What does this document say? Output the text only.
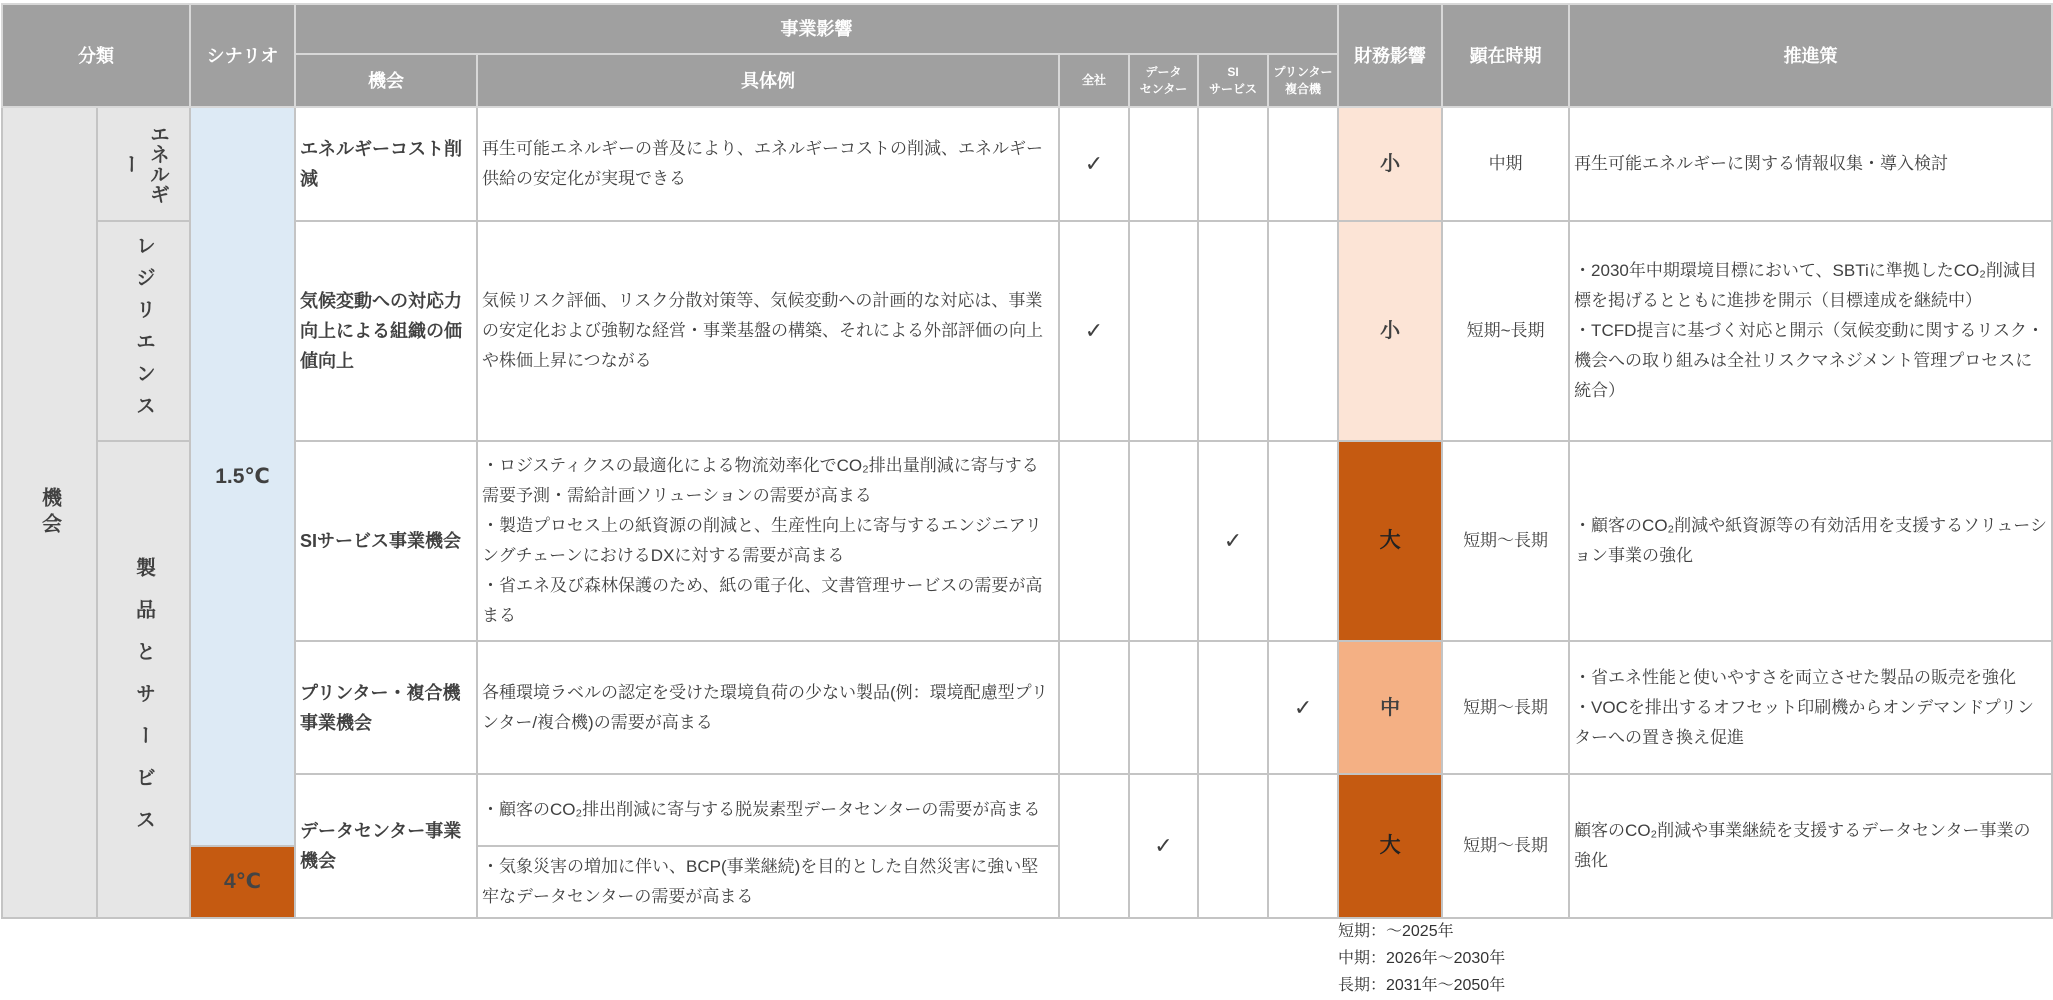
分類		シナリオ	事業影響						財務影響	顕在時期	推進策
			機会	具体例	全社	データ
センター	SI
サービス	プリンター
複合機			

機会	エネルギー	1.5℃	エネルギーコスト削減	再生可能エネルギーの普及により、エネルギーコストの削減、エネルギー供給の安定化が実現できる	✓				小	中期	再生可能エネルギーに関する情報収集・導入検討

	レジリエンス		気候変動への対応力向上による組織の価値向上	気候リスク評価、リスク分散対策等、気候変動への計画的な対応は、事業の安定化および強靭な経営・事業基盤の構築、それによる外部評価の向上や株価上昇につながる	✓				小	短期~長期	・2030年中期環境目標において、SBTiに準拠したCO₂削減目標を掲げるとともに進捗を開示（目標達成を継続中）
・TCFD提言に基づく対応と開示（気候変動に関するリスク・機会への取り組みは全社リスクマネジメント管理プロセスに統合）

	製品とサービス		SIサービス事業機会	・ロジスティクスの最適化による物流効率化でCO₂排出量削減に寄与する需要予測・需給計画ソリューションの需要が高まる
・製造プロセス上の紙資源の削減と、生産性向上に寄与するエンジニアリングチェーンにおけるDXに対する需要が高まる
・省エネ及び森林保護のため、紙の電子化、文書管理サービスの需要が高まる			✓		大	短期～長期	・顧客のCO₂削減や紙資源等の有効活用を支援するソリューション事業の強化
			プリンター・複合機事業機会	各種環境ラベルの認定を受けた環境負荷の少ない製品(例：環境配慮型プリンター/複合機)の需要が高まる				✓	中	短期～長期	・省エネ性能と使いやすさを両立させた製品の販売を強化
・VOCを排出するオフセット印刷機からオンデマンドプリンターへの置き換え促進
			データセンター事業機会	・顧客のCO₂排出削減に寄与する脱炭素型データセンターの需要が高まる		✓			大	短期～長期	顧客のCO₂削減や事業継続を支援するデータセンター事業の強化
		4℃		・気象災害の増加に伴い、BCP(事業継続)を目的とした自然災害に強い堅牢なデータセンターの需要が高まる							
短期：～2025年
中期：2026年～2030年
長期：2031年～2050年
